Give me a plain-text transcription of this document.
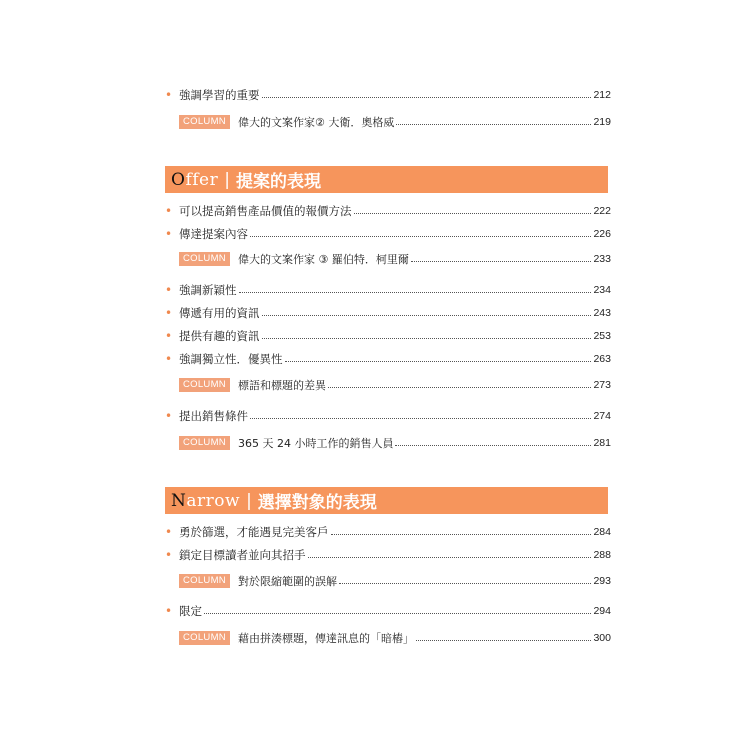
•
強調學習的重要	212
COLUMN	偉大的文案作家② 大衛．奧格威	219
Offer | 提案的表現
•
可以提高銷售產品價值的報價方法	222
•
傳達提案內容	226
COLUMN	偉大的文案作家 ③ 羅伯特．柯里爾	233
•
強調新穎性	234
•
傳遞有用的資訊	243
•
提供有趣的資訊	253
•
強調獨立性．優異性	263
COLUMN	標語和標題的差異	273
•
提出銷售條件	274
COLUMN	365 天 24 小時工作的銷售人員	281
Narrow | 選擇對象的表現
•
勇於篩選，才能遇見完美客戶	284
•
鎖定目標讀者並向其招手	288
COLUMN	對於限縮範圍的誤解	293
•
限定	294
COLUMN	藉由拼湊標題，傳達訊息的「暗樁」	300
